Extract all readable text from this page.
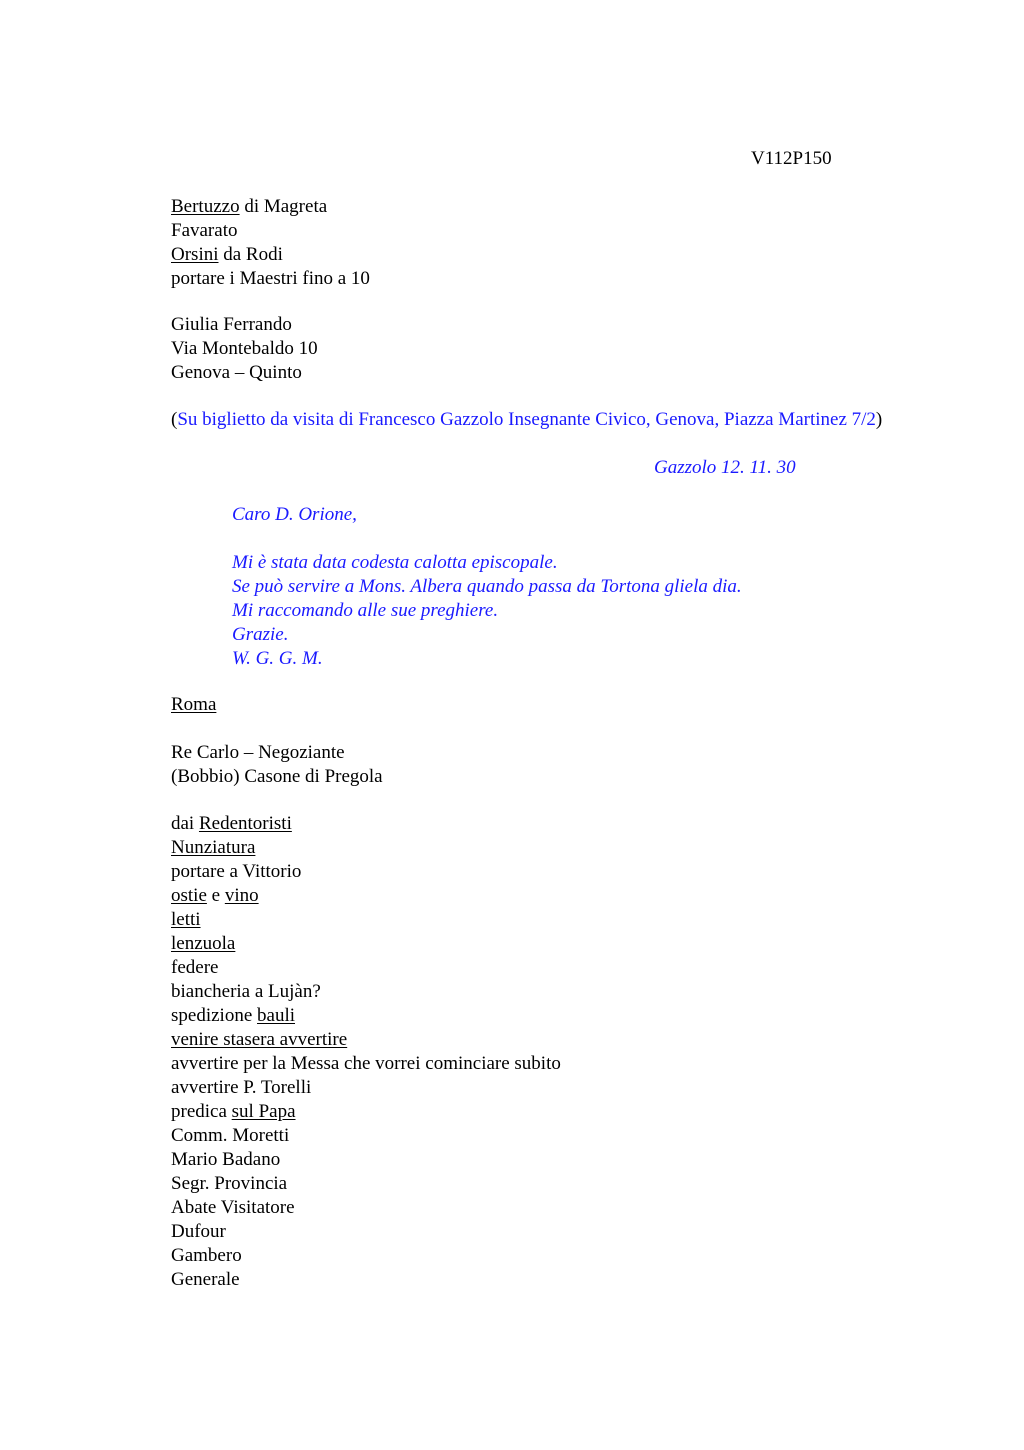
V112P150
Bertuzzo di Magreta
Favarato
Orsini da Rodi
portare i Maestri fino a 10
Giulia Ferrando
Via Montebaldo 10
Genova – Quinto
(Su biglietto da visita di Francesco Gazzolo Insegnante Civico, Genova, Piazza Martinez 7/2)
Gazzolo 12. 11. 30
Caro D. Orione,
Mi è stata data codesta calotta episcopale.
Se può servire a Mons. Albera quando passa da Tortona gliela dia.
Mi raccomando alle sue preghiere.
Grazie.
W. G. G. M.
Roma
Re Carlo – Negoziante
(Bobbio) Casone di Pregola
dai Redentoristi
Nunziatura
portare a Vittorio
ostie e vino
letti
lenzuola
federe
biancheria a Lujàn?
spedizione bauli
venire stasera avvertire
avvertire per la Messa che vorrei cominciare subito
avvertire P. Torelli
predica sul Papa
Comm. Moretti
Mario Badano
Segr. Provincia
Abate Visitatore
Dufour
Gambero
Generale
